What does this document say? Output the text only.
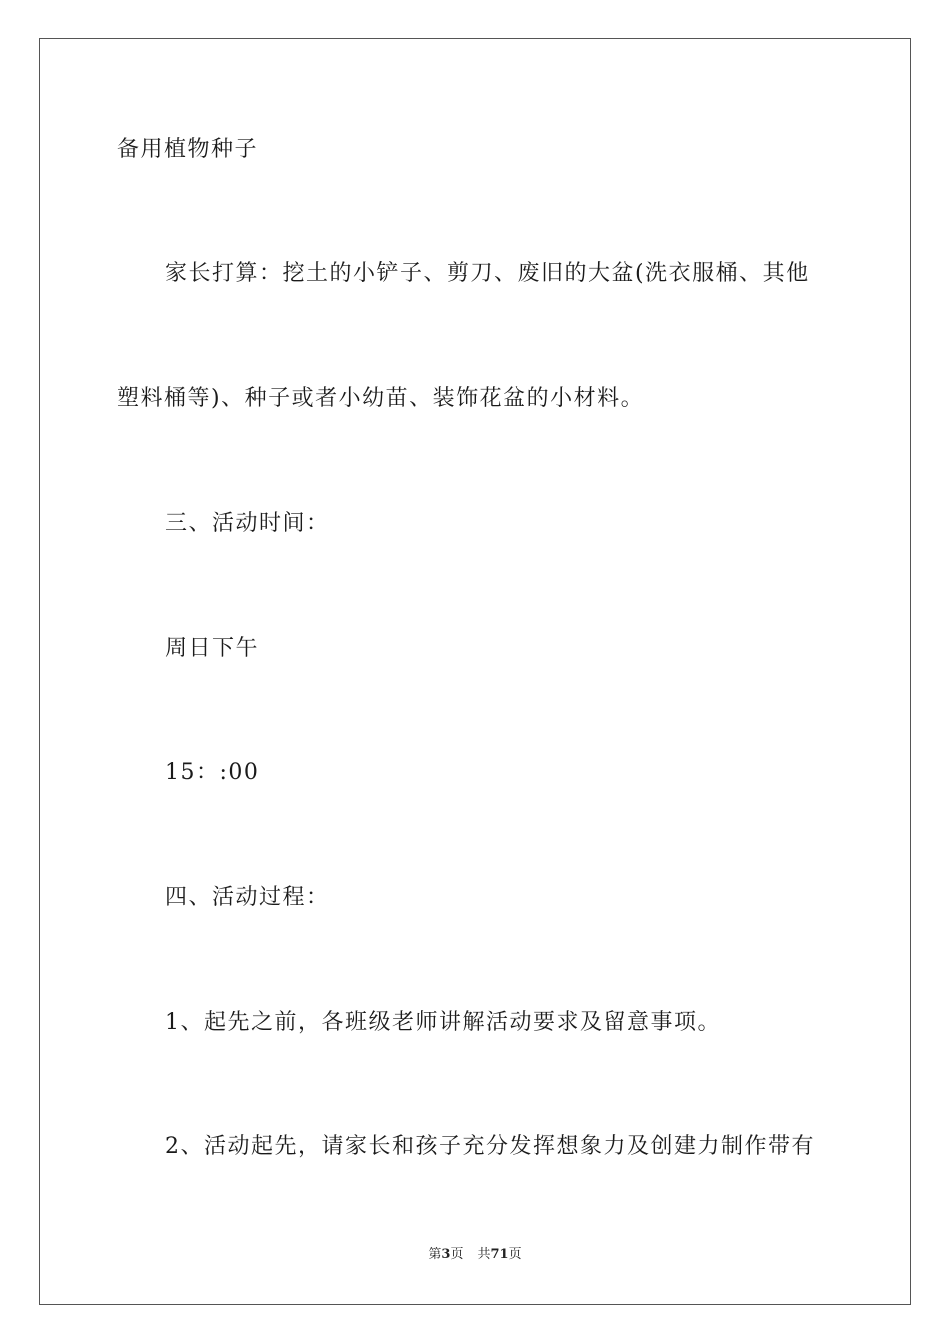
备用植物种子

家长打算：挖土的小铲子、剪刀、废旧的大盆(洗衣服桶、其他

塑料桶等)、种子或者小幼苗、装饰花盆的小材料。

三、活动时间：

周日下午

15：:00

四、活动过程：

1、起先之前，各班级老师讲解活动要求及留意事项。

2、活动起先，请家长和孩子充分发挥想象力及创建力制作带有

第3页 共71页
